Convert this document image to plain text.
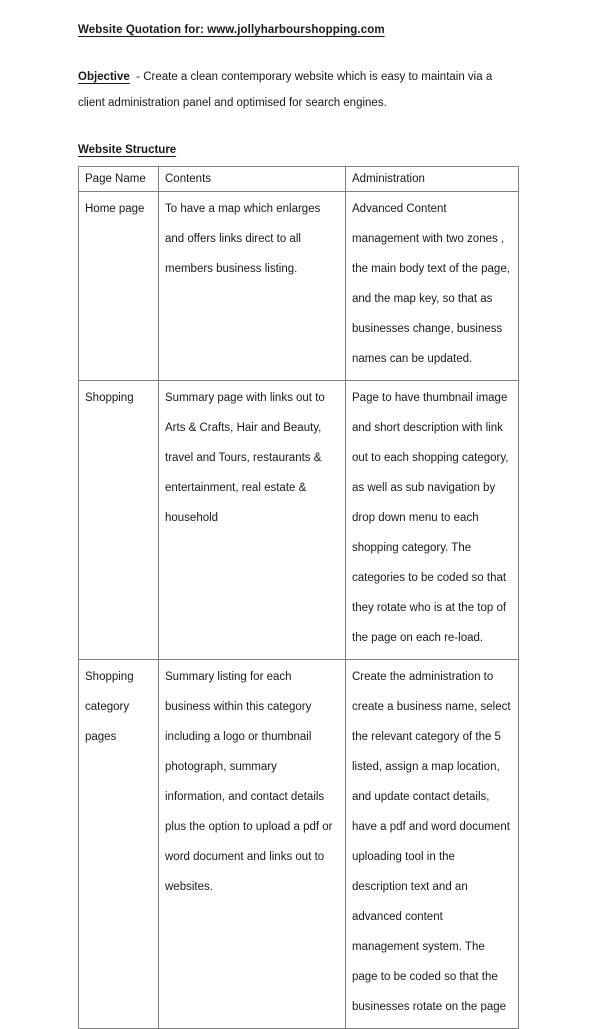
Website Quotation for: www.jollyharbourshopping.com
Objective - Create a clean contemporary website which is easy to maintain via a client administration panel and optimised for search engines.
Website Structure
Page Name	Contents	Administration
Home page	To have a map which enlarges and offers links direct to all members business listing.	Advanced Content management with two zones , the main body text of the page, and the map key, so that as businesses change, business names can be updated.
Shopping	Summary page with links out to Arts & Crafts, Hair and Beauty, travel and Tours, restaurants & entertainment, real estate & household	Page to have thumbnail image and short description with link out to each shopping category, as well as sub navigation by drop down menu to each shopping category. The categories to be coded so that they rotate who is at the top of the page on each re-load.
Shopping category pages	Summary listing for each business within this category including a logo or thumbnail photograph, summary information, and contact details plus the option to upload a pdf or word document and links out to websites.	Create the administration to create a business name, select the relevant category of the 5 listed, assign a map location, and update contact details, have a pdf and word document uploading tool in the description text and an advanced content management system. The page to be coded so that the businesses rotate on the page
